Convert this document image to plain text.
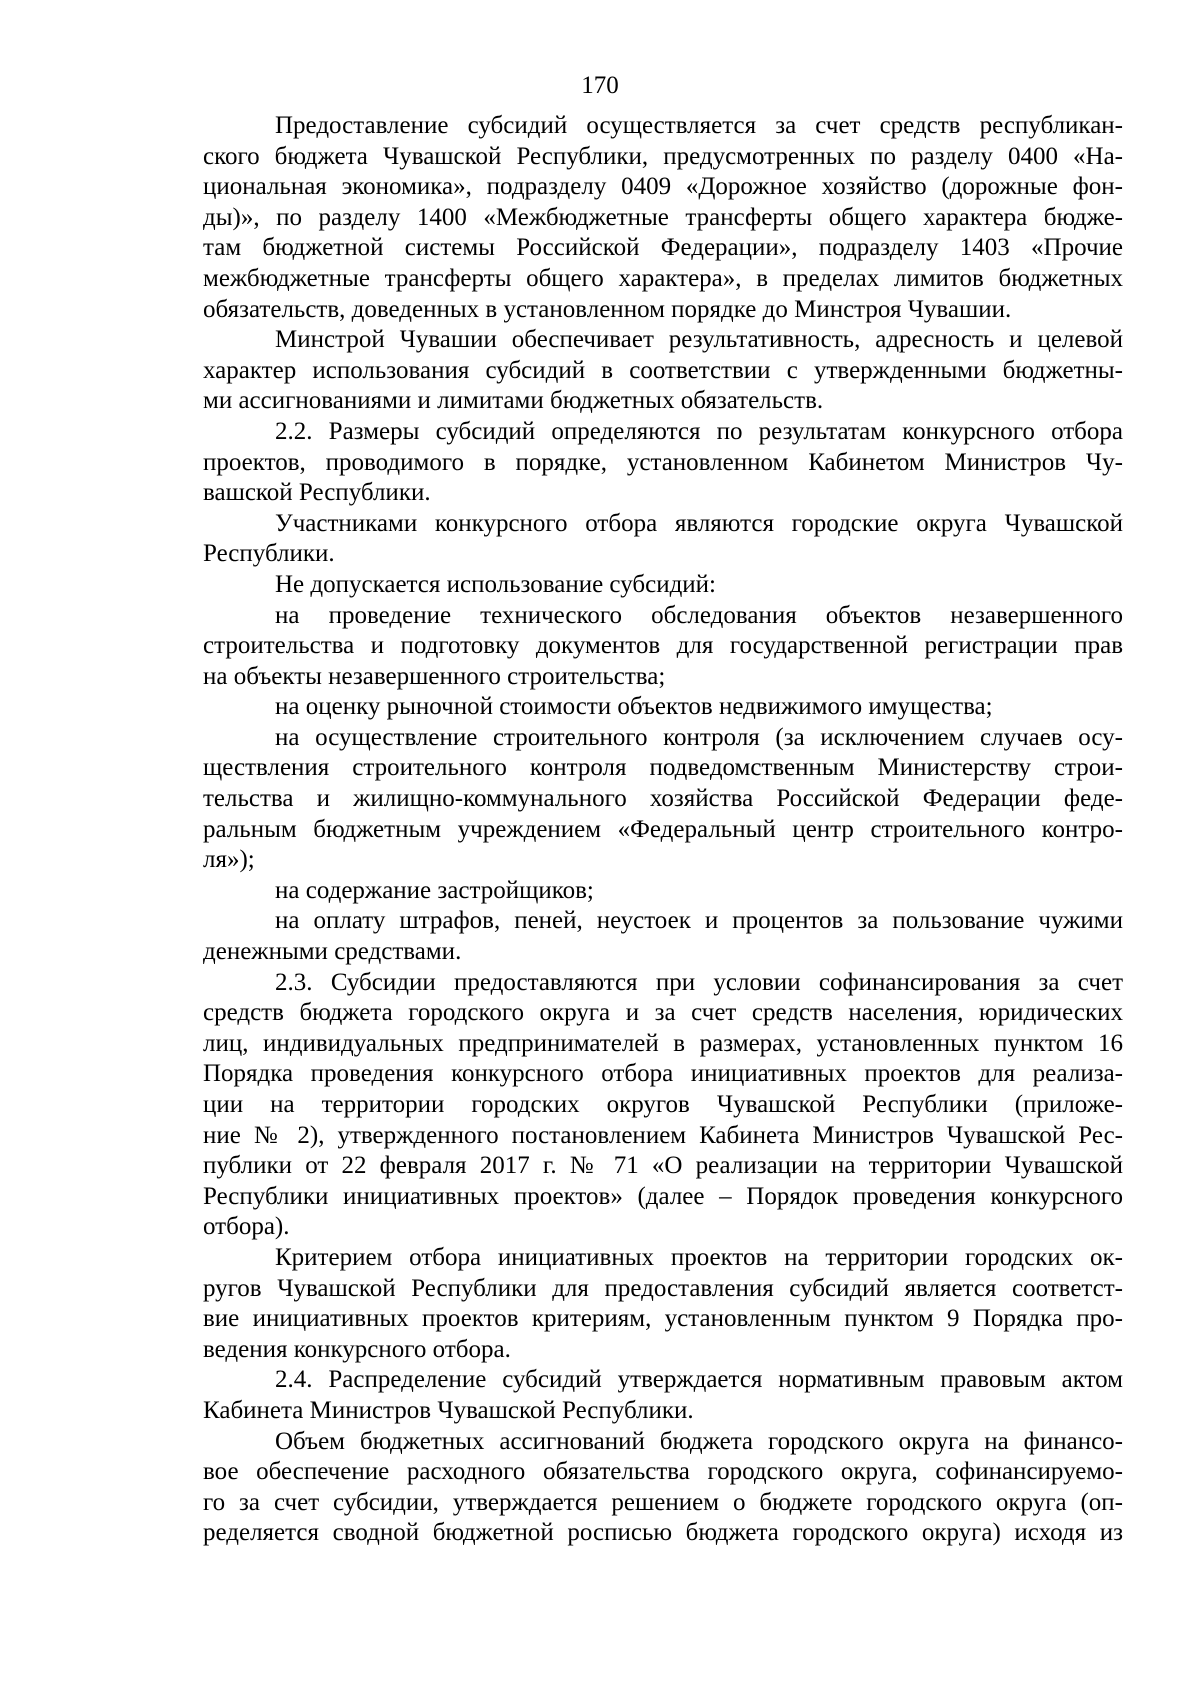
170
Предоставление субсидий осуществляется за счет средств республикан-
ского бюджета Чувашской Республики, предусмотренных по разделу 0400 «На-
циональная экономика», подразделу 0409 «Дорожное хозяйство (дорожные фон-
ды)», по разделу 1400 «Межбюджетные трансферты общего характера бюдже-
там бюджетной системы Российской Федерации», подразделу 1403 «Прочие
межбюджетные трансферты общего характера», в пределах лимитов бюджетных
обязательств, доведенных в установленном порядке до Минстроя Чувашии.
Минстрой Чувашии обеспечивает результативность, адресность и целевой
характер использования субсидий в соответствии с утвержденными бюджетны-
ми ассигнованиями и лимитами бюджетных обязательств.
2.2. Размеры субсидий определяются по результатам конкурсного отбора
проектов, проводимого в порядке, установленном Кабинетом Министров Чу-
вашской Республики.
Участниками конкурсного отбора являются городские округа Чувашской
Республики.
Не допускается использование субсидий:
на проведение технического обследования объектов незавершенного
строительства и подготовку документов для государственной регистрации прав
на объекты незавершенного строительства;
на оценку рыночной стоимости объектов недвижимого имущества;
на осуществление строительного контроля (за исключением случаев осу-
ществления строительного контроля подведомственным Министерству строи-
тельства и жилищно-коммунального хозяйства Российской Федерации феде-
ральным бюджетным учреждением «Федеральный центр строительного контро-
ля»);
на содержание застройщиков;
на оплату штрафов, пеней, неустоек и процентов за пользование чужими
денежными средствами.
2.3. Субсидии предоставляются при условии софинансирования за счет
средств бюджета городского округа и за счет средств населения, юридических
лиц, индивидуальных предпринимателей в размерах, установленных пунктом 16
Порядка проведения конкурсного отбора инициативных проектов для реализа-
ции на территории городских округов Чувашской Республики (приложе-
ние № 2), утвержденного постановлением Кабинета Министров Чувашской Рес-
публики от 22 февраля 2017 г. № 71 «О реализации на территории Чувашской
Республики инициативных проектов» (далее – Порядок проведения конкурсного
отбора).
Критерием отбора инициативных проектов на территории городских ок-
ругов Чувашской Республики для предоставления субсидий является соответст-
вие инициативных проектов критериям, установленным пунктом 9 Порядка про-
ведения конкурсного отбора.
2.4. Распределение субсидий утверждается нормативным правовым актом
Кабинета Министров Чувашской Республики.
Объем бюджетных ассигнований бюджета городского округа на финансо-
вое обеспечение расходного обязательства городского округа, софинансируемо-
го за счет субсидии, утверждается решением о бюджете городского округа (оп-
ределяется сводной бюджетной росписью бюджета городского округа) исходя из
